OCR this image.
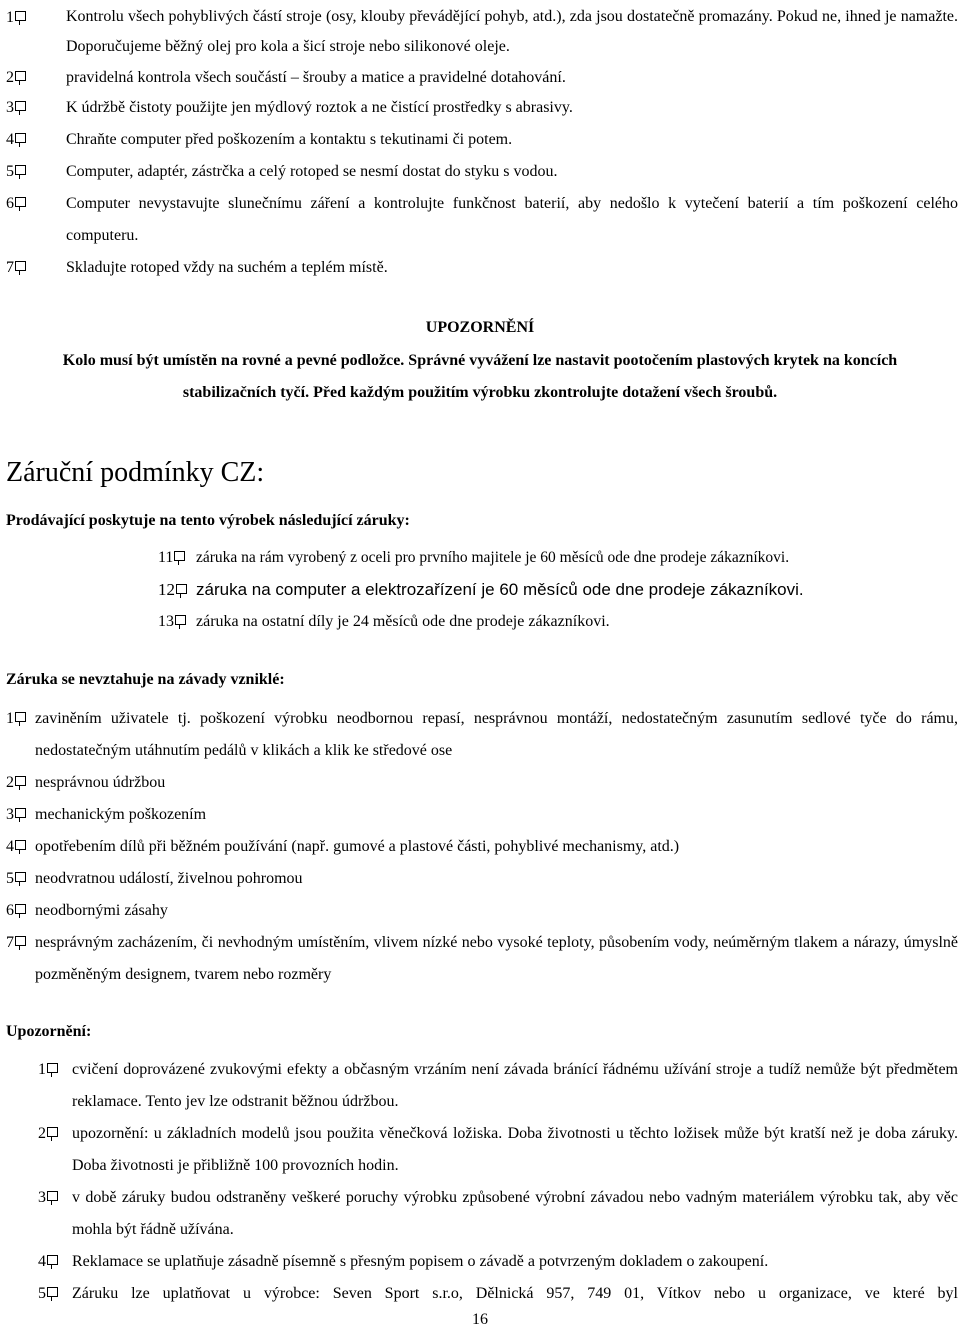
1	Kontrolu všech pohyblivých částí stroje (osy, klouby převádějící pohyb, atd.), zda jsou dostatečně promazány. Pokud ne, ihned je namažte. Doporučujeme běžný olej pro kola a šicí stroje nebo silikonové oleje.
2	pravidelná kontrola všech součástí – šrouby a matice a pravidelné dotahování.
3	K údržbě čistoty použijte jen mýdlový roztok a ne čistící prostředky s abrasivy.
4	Chraňte computer před poškozením a kontaktu s tekutinami či potem.
5	Computer, adaptér, zástrčka a celý rotoped se nesmí dostat do styku s vodou.
6	Computer nevystavujte slunečnímu záření a kontrolujte funkčnost baterií, aby nedošlo k vytečení baterií a tím poškození celého computeru.
7	Skladujte rotoped vždy na suchém a teplém místě.
UPOZORNĚNÍ
Kolo musí být umístěn na rovné a pevné podložce. Správné vyvážení lze nastavit pootočením plastových krytek na koncích
stabilizačních tyčí. Před každým použitím výrobku zkontrolujte dotažení všech šroubů.
Záruční podmínky CZ:
Prodávající poskytuje na tento výrobek následující záruky:
11	záruka na rám vyrobený z oceli pro prvního majitele je 60 měsíců ode dne prodeje zákazníkovi.
12	záruka na computer a elektrozařízení je 60 měsíců ode dne prodeje zákazníkovi.
13	záruka na ostatní díly je 24 měsíců ode dne prodeje zákazníkovi.
Záruka se nevztahuje na závady vzniklé:
1	zaviněním uživatele tj. poškození výrobku neodbornou repasí, nesprávnou montáží, nedostatečným zasunutím sedlové tyče do rámu, nedostatečným utáhnutím pedálů v klikách a klik ke středové ose
2	nesprávnou údržbou
3	mechanickým poškozením
4	opotřebením dílů při běžném používání (např. gumové a plastové části, pohyblivé mechanismy, atd.)
5	neodvratnou událostí, živelnou pohromou
6	neodbornými zásahy
7	nesprávným zacházením, či nevhodným umístěním, vlivem nízké nebo vysoké teploty, působením vody, neúměrným tlakem a nárazy, úmyslně pozměněným designem, tvarem nebo rozměry
Upozornění:
1	cvičení doprovázené zvukovými efekty a občasným vrzáním není závada bránící řádnému užívání stroje a tudíž nemůže být předmětem reklamace. Tento jev lze odstranit běžnou údržbou.
2	upozornění: u základních modelů jsou použita věnečková ložiska. Doba životnosti u těchto ložisek může být kratší než je doba záruky. Doba životnosti je přibližně 100 provozních hodin.
3	v době záruky budou odstraněny veškeré poruchy výrobku způsobené výrobní závadou nebo vadným materiálem výrobku tak, aby věc mohla být řádně užívána.
4	Reklamace se uplatňuje zásadně písemně s přesným popisem o závadě a potvrzeným dokladem o zakoupení.
5	Záruku lze uplatňovat u výrobce: Seven Sport s.r.o, Dělnická 957, 749 01, Vítkov nebo u organizace, ve které byl
16
